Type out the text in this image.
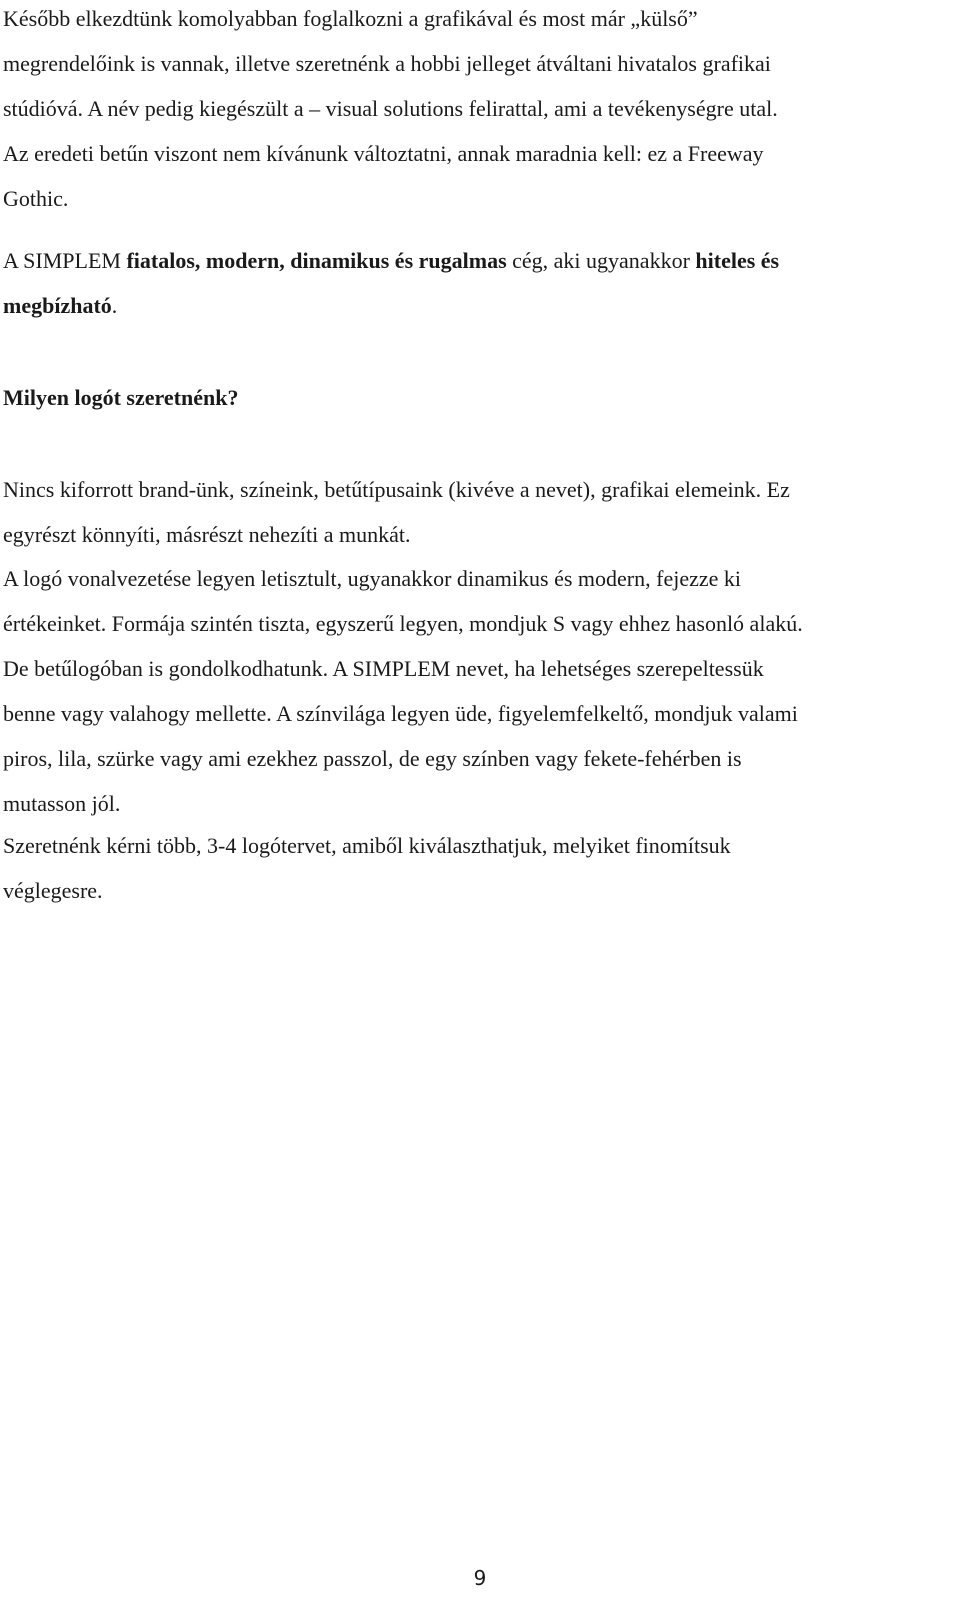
Később elkezdtünk komolyabban foglalkozni a grafikával és most már „külső”
megrendelőink is vannak, illetve szeretnénk a hobbi jelleget átváltani hivatalos grafikai
stúdióvá. A név pedig kiegészült a – visual solutions felirattal, ami a tevékenységre utal.
Az eredeti betűn viszont nem kívánunk változtatni, annak maradnia kell: ez a Freeway
Gothic.

A SIMPLEM fiatalos, modern, dinamikus és rugalmas cég, aki ugyanakkor hiteles és
megbízható.

Milyen logót szeretnénk?

Nincs kiforrott brand-ünk, színeink, betűtípusaink (kivéve a nevet), grafikai elemeink. Ez
egyrészt könnyíti, másrészt nehezíti a munkát.

A logó vonalvezetése legyen letisztult, ugyanakkor dinamikus és modern, fejezze ki
értékeinket. Formája szintén tiszta, egyszerű legyen, mondjuk S vagy ehhez hasonló alakú.
De betűlogóban is gondolkodhatunk. A SIMPLEM nevet, ha lehetséges szerepeltessük
benne vagy valahogy mellette. A színvilága legyen üde, figyelemfelkeltő, mondjuk valami
piros, lila, szürke vagy ami ezekhez passzol, de egy színben vagy fekete-fehérben is
mutasson jól.

Szeretnénk kérni több, 3-4 logótervet, amiből kiválaszthatjuk, melyiket finomítsuk
véglegesre.

9
